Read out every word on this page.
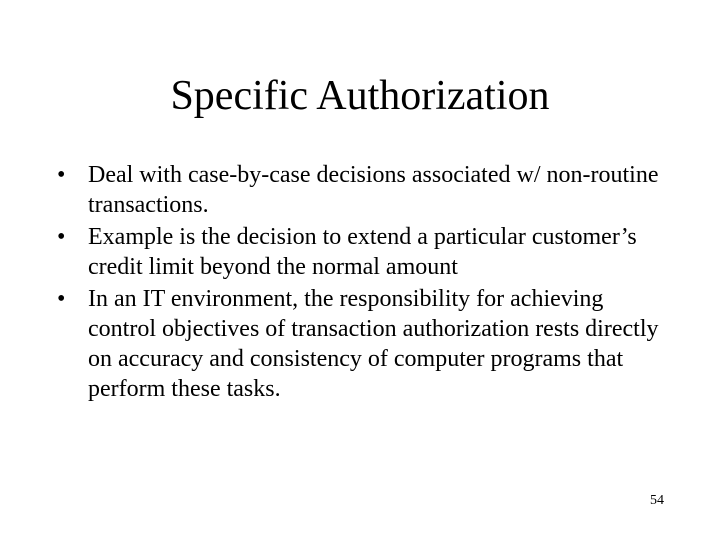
Specific Authorization
• Deal with case-by-case decisions associated w/ non-routine transactions.
• Example is the decision to extend a particular customer’s credit limit beyond the normal amount
• In an IT environment, the responsibility for achieving control objectives of transaction authorization rests directly on accuracy and consistency of computer programs that perform these tasks.
54
